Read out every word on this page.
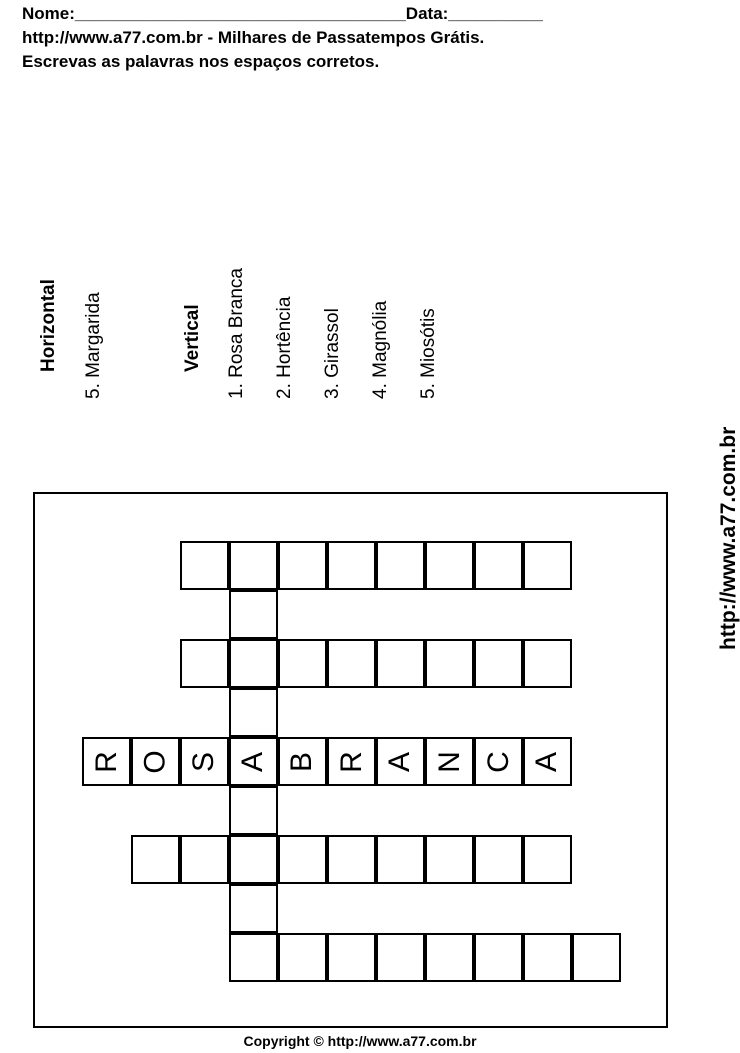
Nome:___________________________________Data:__________
http://www.a77.com.br - Milhares de Passatempos Grátis.
Escrevas as palavras nos espaços corretos.
Horizontal 5. Margarida	Vertical 1. Rosa Branca 2. Hortência 3. Girassol 4. Magnólia 5. Miosótis
http://www.a77.com.br
R O S A B R A N C A
Copyright © http://www.a77.com.br
